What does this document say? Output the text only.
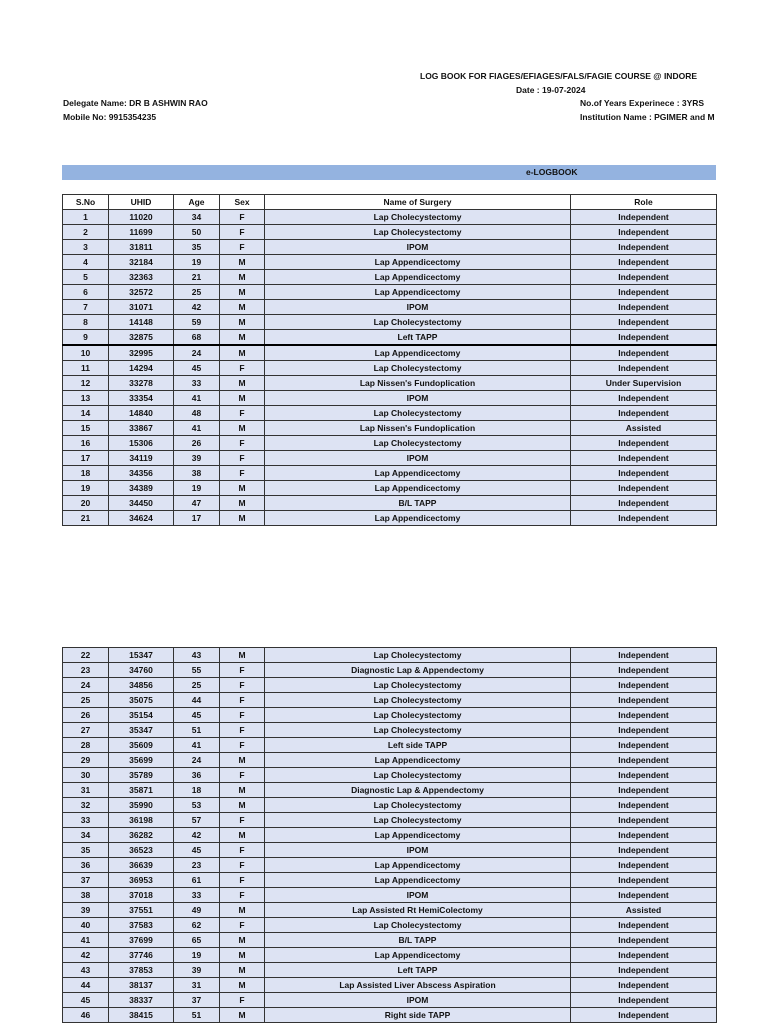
LOG BOOK FOR FIAGES/EFIAGES/FALS/FAGIE COURSE @ INDORE
Date : 19-07-2024
Delegate Name: DR B ASHWIN RAO
Mobile No: 9915354235
No.of Years Experinece : 3YRS
Institution Name : PGIMER and M
e-LOGBOOK
S.No	UHID	Age	Sex	Name of Surgery	Role
1	11020	34	F	Lap Cholecystectomy	Independent
2	11699	50	F	Lap Cholecystectomy	Independent
3	31811	35	F	IPOM	Independent
4	32184	19	M	Lap Appendicectomy	Independent
5	32363	21	M	Lap Appendicectomy	Independent
6	32572	25	M	Lap Appendicectomy	Independent
7	31071	42	M	IPOM	Independent
8	14148	59	M	Lap Cholecystectomy	Independent
9	32875	68	M	Left TAPP	Independent
10	32995	24	M	Lap Appendicectomy	Independent
11	14294	45	F	Lap Cholecystectomy	Independent
12	33278	33	M	Lap Nissen's Fundoplication	Under Supervision
13	33354	41	M	IPOM	Independent
14	14840	48	F	Lap Cholecystectomy	Independent
15	33867	41	M	Lap Nissen's Fundoplication	Assisted
16	15306	26	F	Lap Cholecystectomy	Independent
17	34119	39	F	IPOM	Independent
18	34356	38	F	Lap Appendicectomy	Independent
19	34389	19	M	Lap Appendicectomy	Independent
20	34450	47	M	B/L TAPP	Independent
21	34624	17	M	Lap Appendicectomy	Independent
22	15347	43	M	Lap Cholecystectomy	Independent
23	34760	55	F	Diagnostic Lap & Appendectomy	Independent
24	34856	25	F	Lap Cholecystectomy	Independent
25	35075	44	F	Lap Cholecystectomy	Independent
26	35154	45	F	Lap Cholecystectomy	Independent
27	35347	51	F	Lap Cholecystectomy	Independent
28	35609	41	F	Left side TAPP	Independent
29	35699	24	M	Lap Appendicectomy	Independent
30	35789	36	F	Lap Cholecystectomy	Independent
31	35871	18	M	Diagnostic Lap & Appendectomy	Independent
32	35990	53	M	Lap Cholecystectomy	Independent
33	36198	57	F	Lap Cholecystectomy	Independent
34	36282	42	M	Lap Appendicectomy	Independent
35	36523	45	F	IPOM	Independent
36	36639	23	F	Lap Appendicectomy	Independent
37	36953	61	F	Lap Appendicectomy	Independent
38	37018	33	F	IPOM	Independent
39	37551	49	M	Lap Assisted Rt HemiColectomy	Assisted
40	37583	62	F	Lap Cholecystectomy	Independent
41	37699	65	M	B/L TAPP	Independent
42	37746	19	M	Lap Appendicectomy	Independent
43	37853	39	M	Left TAPP	Independent
44	38137	31	M	Lap Assisted Liver Abscess Aspiration	Independent
45	38337	37	F	IPOM	Independent
46	38415	51	M	Right side TAPP	Independent
